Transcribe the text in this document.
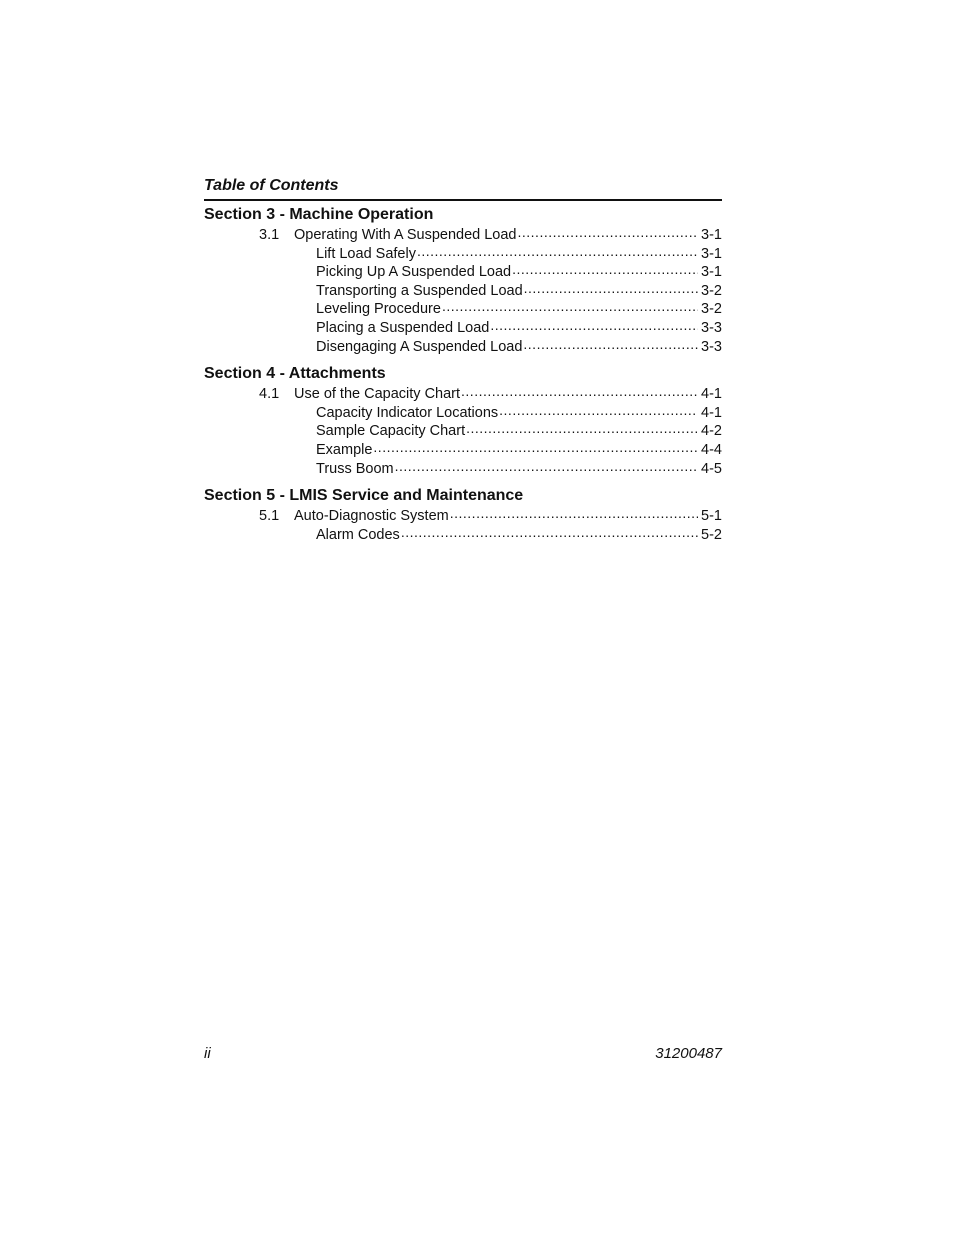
Table of Contents
Section 3 - Machine Operation
3.1	Operating With A Suspended Load .....	3-1
Lift Load Safely .....	3-1
Picking Up A Suspended Load .....	3-1
Transporting a Suspended Load .....	3-2
Leveling Procedure .....	3-2
Placing a Suspended Load .....	3-3
Disengaging A Suspended Load .....	3-3
Section 4 - Attachments
4.1	Use of the Capacity Chart .....	4-1
Capacity Indicator Locations .....	4-1
Sample Capacity Chart .....	4-2
Example .....	4-4
Truss Boom .....	4-5
Section 5 - LMIS Service and Maintenance
5.1	Auto-Diagnostic System .....	5-1
Alarm Codes .....	5-2
ii	31200487
